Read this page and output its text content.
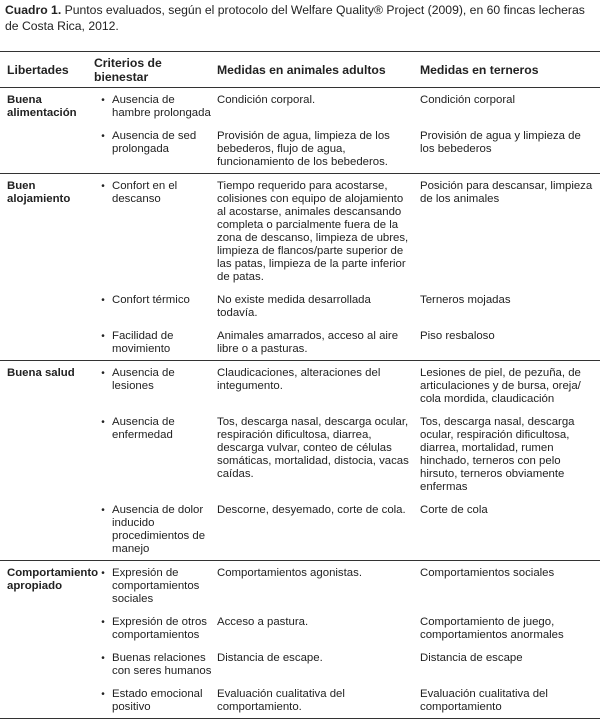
Cuadro 1. Puntos evaluados, según el protocolo del Welfare Quality® Project (2009), en 60 fincas lecheras de Costa Rica, 2012.
Libertades	Criterios de bienestar		Medidas en animales adultos	Medidas en terneros
Buena alimentación	•	Ausencia de hambre prolongada	Condición corporal.	Condición corporal
	•	Ausencia de sed prolongada	Provisión de agua, limpieza de los bebederos, flujo de agua, funcionamiento de los bebederos.	Provisión de agua y limpieza de los bebederos
Buen alojamiento	•	Confort en el descanso	Tiempo requerido para acostarse, colisiones con equipo de alojamiento al acostarse, animales descansando completa o parcialmente fuera de la zona de descanso, limpieza de ubres, limpieza de flancos/parte superior de las patas, limpieza de la parte inferior de patas.	Posición para descansar, limpieza de los animales
	•	Confort térmico	No existe medida desarrollada todavía.	Terneros mojadas
	•	Facilidad de movimiento	Animales amarrados, acceso al aire libre o a pasturas.	Piso resbaloso
Buena salud	•	Ausencia de lesiones	Claudicaciones, alteraciones del integumento.	Lesiones de piel, de pezuña, de articulaciones y de bursa, oreja/ cola mordida, claudicación
	•	Ausencia de enfermedad	Tos, descarga nasal, descarga ocular, respiración dificultosa, diarrea, descarga vulvar, conteo de células somáticas, mortalidad, distocia, vacas caídas.	Tos, descarga nasal, descarga ocular, respiración dificultosa, diarrea, mortalidad, rumen hinchado, terneros con pelo hirsuto, terneros obviamente enfermas
	•	Ausencia de dolor inducido procedimientos de manejo	Descorne, desyemado, corte de cola.	Corte de cola
Comportamiento apropiado	•	Expresión de comportamientos sociales	Comportamientos agonistas.	Comportamientos sociales
	•	Expresión de otros comportamientos	Acceso a pastura.	Comportamiento de juego, comportamientos anormales
	•	Buenas relaciones con seres humanos	Distancia de escape.	Distancia de escape
	•	Estado emocional positivo	Evaluación cualitativa del comportamiento.	Evaluación cualitativa del comportamiento
